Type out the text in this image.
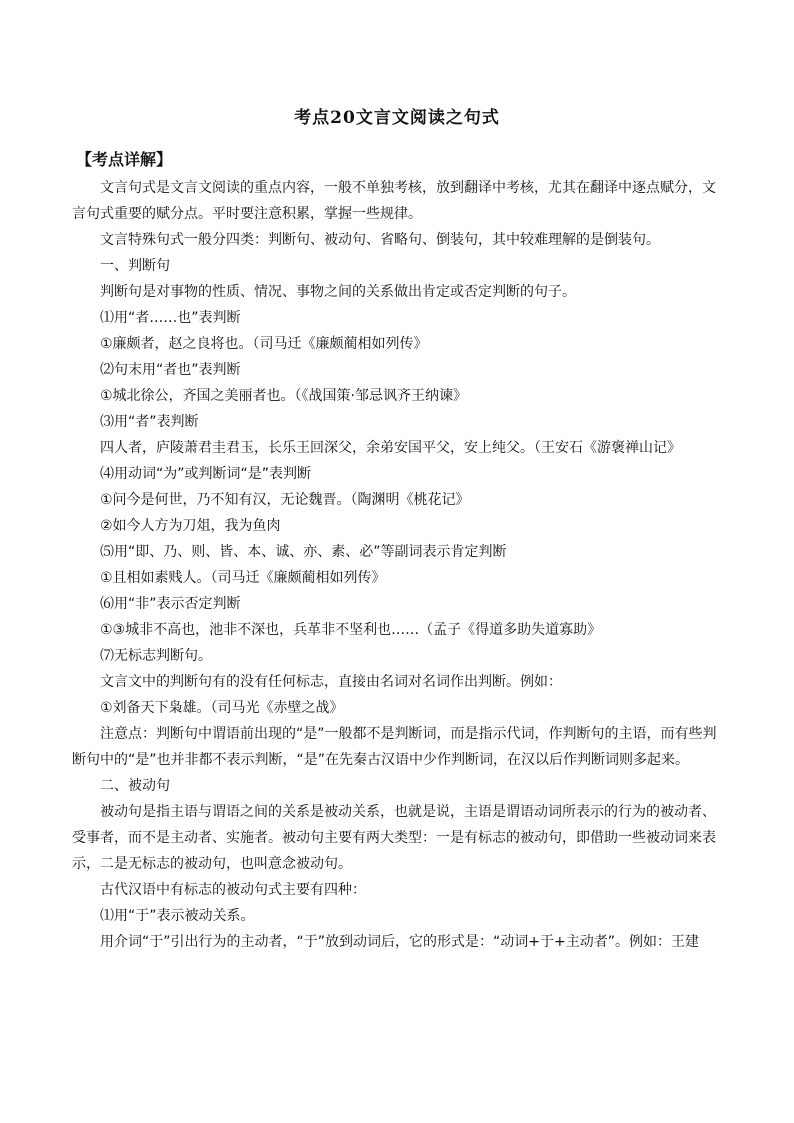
考点20文言文阅读之句式
【考点详解】

文言句式是文言文阅读的重点内容，一般不单独考核，放到翻译中考核，尤其在翻译中逐点赋分，文言句式重要的赋分点。平时要注意积累，掌握一些规律。

文言特殊句式一般分四类：判断句、被动句、省略句、倒装句，其中较难理解的是倒装句。

一、判断句

判断句是对事物的性质、情况、事物之间的关系做出肯定或否定判断的句子。

⑴用“者……也”表判断

①廉颇者，赵之良将也。（司马迁《廉颇蔺相如列传》

⑵句末用“者也”表判断

①城北徐公，齐国之美丽者也。（《战国策·邹忌讽齐王纳谏》

⑶用“者”表判断

四人者，庐陵萧君圭君玉，长乐王回深父，余弟安国平父，安上纯父。（王安石《游褒禅山记》

⑷用动词“为”或判断词“是”表判断

①问今是何世，乃不知有汉，无论魏晋。（陶渊明《桃花记》

②如今人方为刀俎，我为鱼肉

⑸用“即、乃、则、皆、本、诚、亦、素、必”等副词表示肯定判断

①且相如素贱人。（司马迁《廉颇蔺相如列传》

⑹用“非”表示否定判断

①③城非不高也，池非不深也，兵革非不坚利也……（孟子《得道多助失道寡助》

⑺无标志判断句。

文言文中的判断句有的没有任何标志，直接由名词对名词作出判断。例如：

①刘备天下枭雄。（司马光《赤壁之战》

注意点：判断句中谓语前出现的“是”一般都不是判断词，而是指示代词，作判断句的主语，而有些判断句中的“是”也并非都不表示判断，“是”在先秦古汉语中少作判断词，在汉以后作判断词则多起来。

二、被动句

被动句是指主语与谓语之间的关系是被动关系，也就是说，主语是谓语动词所表示的行为的被动者、受事者，而不是主动者、实施者。被动句主要有两大类型：一是有标志的被动句，即借助一些被动词来表示，二是无标志的被动句，也叫意念被动句。

古代汉语中有标志的被动句式主要有四种：

⑴用“于”表示被动关系。

用介词“于”引出行为的主动者，“于”放到动词后，它的形式是：“动词+于+主动者”。例如：王建
